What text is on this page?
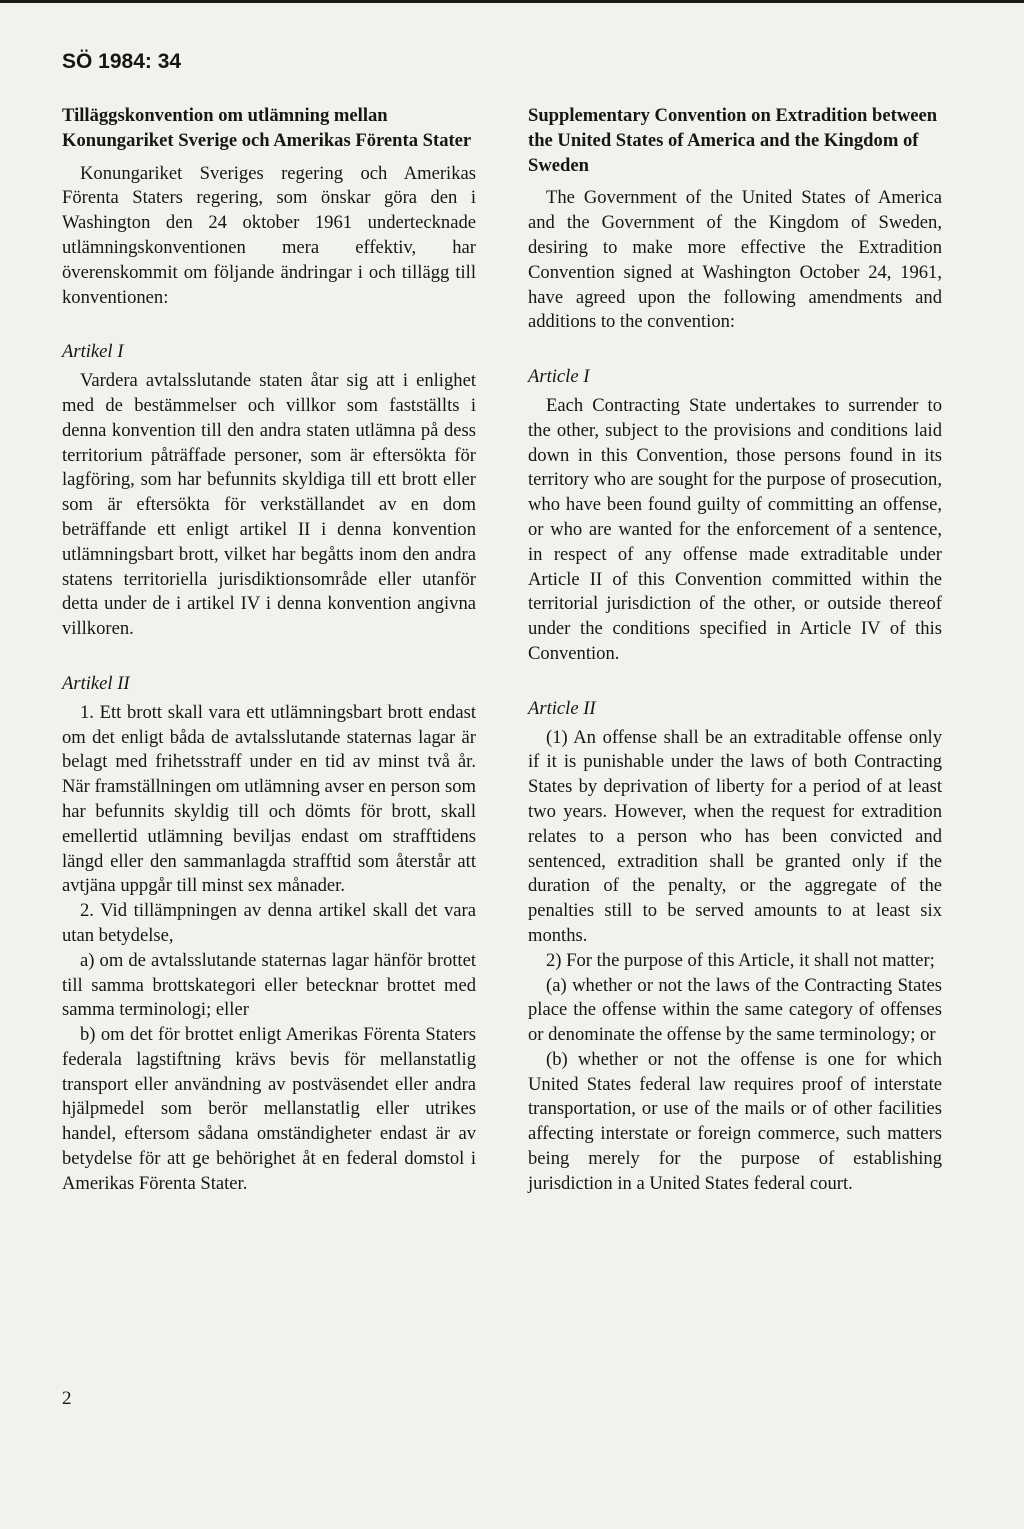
SÖ 1984: 34
Tilläggskonvention om utlämning mellan Konungariket Sverige och Amerikas Förenta Stater
Konungariket Sveriges regering och Amerikas Förenta Staters regering, som önskar göra den i Washington den 24 oktober 1961 undertecknade utlämningskonventionen mera effektiv, har överenskommit om följande ändringar i och tillägg till konventionen:
Artikel I
Vardera avtalsslutande staten åtar sig att i enlighet med de bestämmelser och villkor som fastställts i denna konvention till den andra staten utlämna på dess territorium påträffade personer, som är eftersökta för lagföring, som har befunnits skyldiga till ett brott eller som är eftersökta för verkställandet av en dom beträffande ett enligt artikel II i denna konvention utlämningsbart brott, vilket har begåtts inom den andra statens territoriella jurisdiktionsområde eller utanför detta under de i artikel IV i denna konvention angivna villkoren.
Artikel II
1. Ett brott skall vara ett utlämningsbart brott endast om det enligt båda de avtalsslutande staternas lagar är belagt med frihetsstraff under en tid av minst två år. När framställningen om utlämning avser en person som har befunnits skyldig till och dömts för brott, skall emellertid utlämning beviljas endast om strafftidens längd eller den sammanlagda strafftid som återstår att avtjäna uppgår till minst sex månader.
2. Vid tillämpningen av denna artikel skall det vara utan betydelse,
a) om de avtalsslutande staternas lagar hänför brottet till samma brottskategori eller betecknar brottet med samma terminologi; eller
b) om det för brottet enligt Amerikas Förenta Staters federala lagstiftning krävs bevis för mellanstatlig transport eller användning av postväsendet eller andra hjälpmedel som berör mellanstatlig eller utrikes handel, eftersom sådana omständigheter endast är av betydelse för att ge behörighet åt en federal domstol i Amerikas Förenta Stater.
Supplementary Convention on Extradition between the United States of America and the Kingdom of Sweden
The Government of the United States of America and the Government of the Kingdom of Sweden, desiring to make more effective the Extradition Convention signed at Washington October 24, 1961, have agreed upon the following amendments and additions to the convention:
Article I
Each Contracting State undertakes to surrender to the other, subject to the provisions and conditions laid down in this Convention, those persons found in its territory who are sought for the purpose of prosecution, who have been found guilty of committing an offense, or who are wanted for the enforcement of a sentence, in respect of any offense made extraditable under Article II of this Convention committed within the territorial jurisdiction of the other, or outside thereof under the conditions specified in Article IV of this Convention.
Article II
(1) An offense shall be an extraditable offense only if it is punishable under the laws of both Contracting States by deprivation of liberty for a period of at least two years. However, when the request for extradition relates to a person who has been convicted and sentenced, extradition shall be granted only if the duration of the penalty, or the aggregate of the penalties still to be served amounts to at least six months.
2) For the purpose of this Article, it shall not matter;
(a) whether or not the laws of the Contracting States place the offense within the same category of offenses or denominate the offense by the same terminology; or
(b) whether or not the offense is one for which United States federal law requires proof of interstate transportation, or use of the mails or of other facilities affecting interstate or foreign commerce, such matters being merely for the purpose of establishing jurisdiction in a United States federal court.
2
